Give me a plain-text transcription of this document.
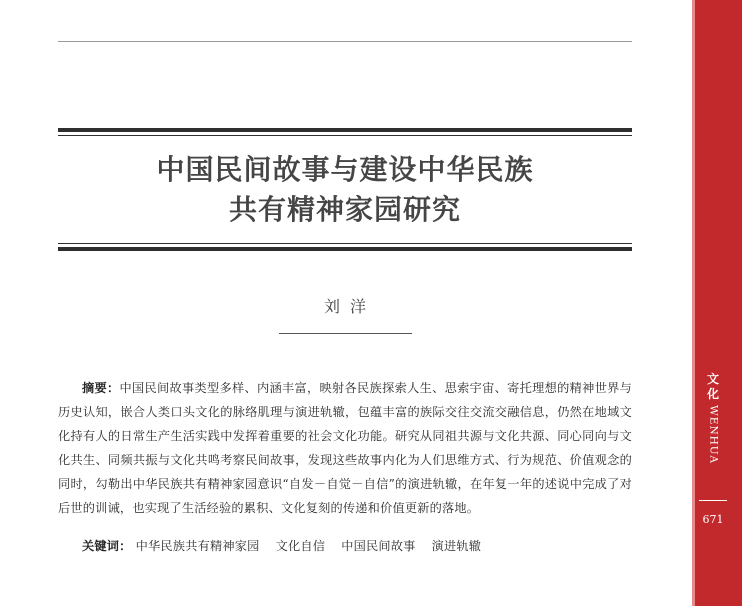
中国民间故事与建设中华民族
共有精神家园研究
刘洋

摘要：中国民间故事类型多样、内涵丰富，映射各民族探索人生、思索宇宙、寄托理想的精神世界与历史认知，嵌合人类口头文化的脉络肌理与演进轨辙，包蕴丰富的族际交往交流交融信息，仍然在地域文化持有人的日常生产生活实践中发挥着重要的社会文化功能。研究从同祖共源与文化共源、同心同向与文化共生、同频共振与文化共鸣考察民间故事，发现这些故事内化为人们思维方式、行为规范、价值观念的同时，勾勒出中华民族共有精神家园意识“自发－自觉－自信”的演进轨辙，在年复一年的述说中完成了对后世的训诫，也实现了生活经验的累积、文化复刻的传递和价值更新的落地。

关键词： 中华民族共有精神家园 文化自信 中国民间故事 演进轨辙
文化
WENHUA
671
